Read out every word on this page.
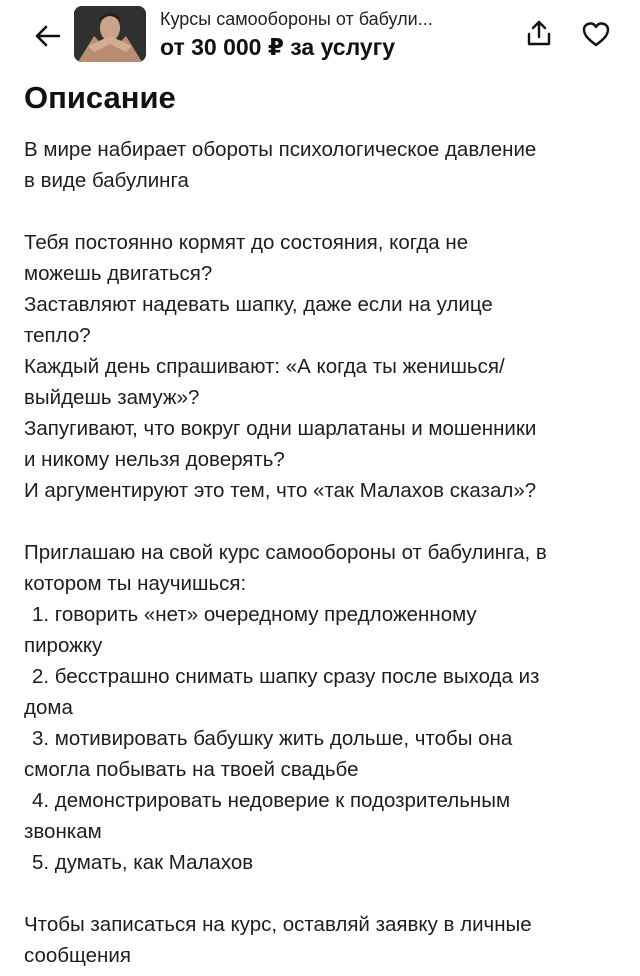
Курсы самообороны от бабули...
от 30 000 ₽ за услугу
Описание

В мире набирает обороты психологическое давление

в виде бабулинга

Тебя постоянно кормят до состояния, когда не

можешь двигаться?

Заставляют надевать шапку, даже если на улице

тепло?

Каждый день спрашивают: «А когда ты женишься/

выйдешь замуж»?

Запугивают, что вокруг одни шарлатаны и мошенники

и никому нельзя доверять?

И аргументируют это тем, что «так Малахов сказал»?

Приглашаю на свой курс самообороны от бабулинга, в

котором ты научишься:

1. говорить «нет» очередному предложенному

пирожку

2. бесстрашно снимать шапку сразу после выхода из

дома

3. мотивировать бабушку жить дольше, чтобы она

смогла побывать на твоей свадьбе

4. демонстрировать недоверие к подозрительным

звонкам

5. думать, как Малахов

Чтобы записаться на курс, оставляй заявку в личные

сообщения
